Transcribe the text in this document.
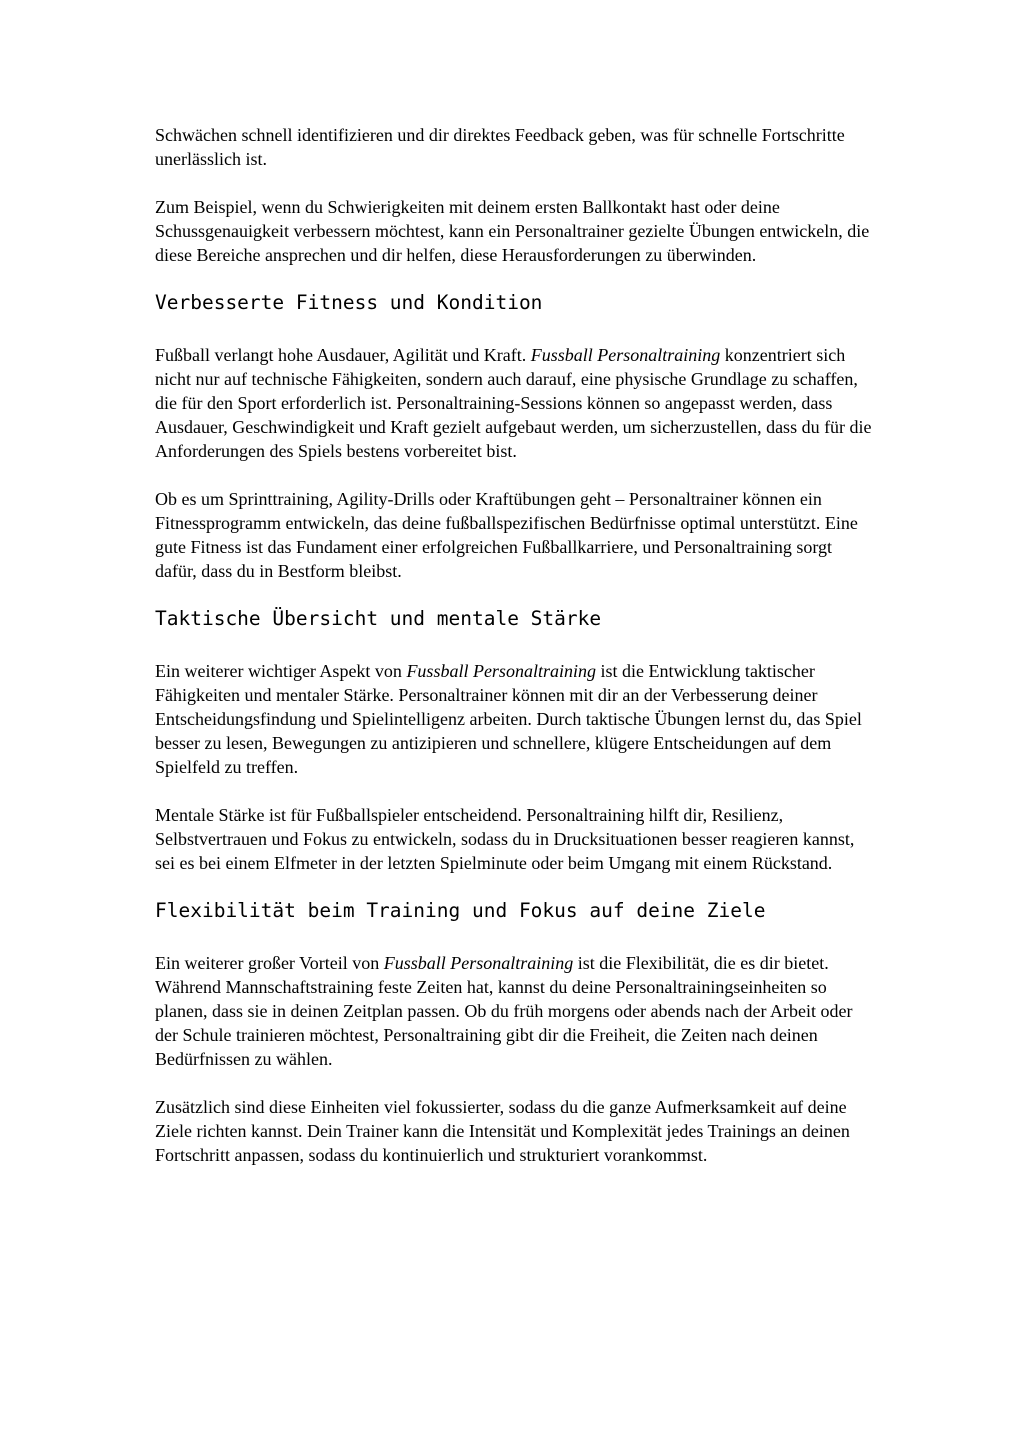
Schwächen schnell identifizieren und dir direktes Feedback geben, was für schnelle Fortschritte unerlässlich ist.

Zum Beispiel, wenn du Schwierigkeiten mit deinem ersten Ballkontakt hast oder deine Schussgenauigkeit verbessern möchtest, kann ein Personaltrainer gezielte Übungen entwickeln, die diese Bereiche ansprechen und dir helfen, diese Herausforderungen zu überwinden.

Verbesserte Fitness und Kondition

Fußball verlangt hohe Ausdauer, Agilität und Kraft. Fussball Personaltraining konzentriert sich nicht nur auf technische Fähigkeiten, sondern auch darauf, eine physische Grundlage zu schaffen, die für den Sport erforderlich ist. Personaltraining-Sessions können so angepasst werden, dass Ausdauer, Geschwindigkeit und Kraft gezielt aufgebaut werden, um sicherzustellen, dass du für die Anforderungen des Spiels bestens vorbereitet bist.

Ob es um Sprinttraining, Agility-Drills oder Kraftübungen geht – Personaltrainer können ein Fitnessprogramm entwickeln, das deine fußballspezifischen Bedürfnisse optimal unterstützt. Eine gute Fitness ist das Fundament einer erfolgreichen Fußballkarriere, und Personaltraining sorgt dafür, dass du in Bestform bleibst.

Taktische Übersicht und mentale Stärke

Ein weiterer wichtiger Aspekt von Fussball Personaltraining ist die Entwicklung taktischer Fähigkeiten und mentaler Stärke. Personaltrainer können mit dir an der Verbesserung deiner Entscheidungsfindung und Spielintelligenz arbeiten. Durch taktische Übungen lernst du, das Spiel besser zu lesen, Bewegungen zu antizipieren und schnellere, klügere Entscheidungen auf dem Spielfeld zu treffen.

Mentale Stärke ist für Fußballspieler entscheidend. Personaltraining hilft dir, Resilienz, Selbstvertrauen und Fokus zu entwickeln, sodass du in Drucksituationen besser reagieren kannst, sei es bei einem Elfmeter in der letzten Spielminute oder beim Umgang mit einem Rückstand.

Flexibilität beim Training und Fokus auf deine Ziele

Ein weiterer großer Vorteil von Fussball Personaltraining ist die Flexibilität, die es dir bietet. Während Mannschaftstraining feste Zeiten hat, kannst du deine Personaltrainingseinheiten so planen, dass sie in deinen Zeitplan passen. Ob du früh morgens oder abends nach der Arbeit oder der Schule trainieren möchtest, Personaltraining gibt dir die Freiheit, die Zeiten nach deinen Bedürfnissen zu wählen.

Zusätzlich sind diese Einheiten viel fokussierter, sodass du die ganze Aufmerksamkeit auf deine Ziele richten kannst. Dein Trainer kann die Intensität und Komplexität jedes Trainings an deinen Fortschritt anpassen, sodass du kontinuierlich und strukturiert vorankommst.
